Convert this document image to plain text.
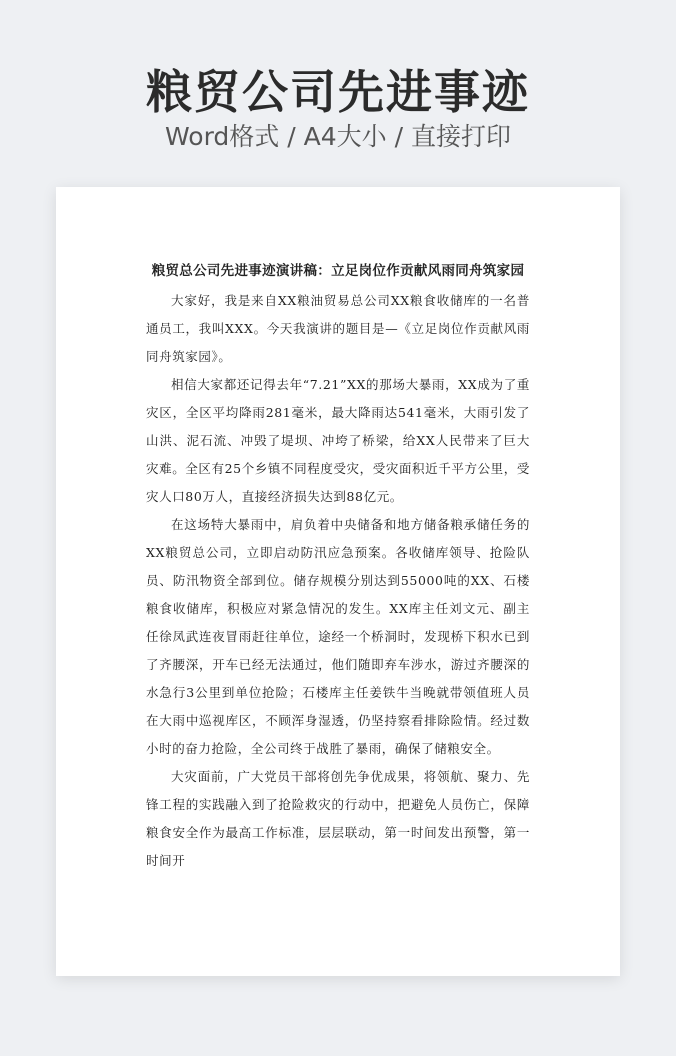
粮贸公司先进事迹
Word格式 / A4大小 / 直接打印
粮贸总公司先进事迹演讲稿：立足岗位作贡献风雨同舟筑家园

大家好，我是来自XX粮油贸易总公司XX粮食收储库的一名普通员工，我叫XXX。今天我演讲的题目是—《立足岗位作贡献风雨同舟筑家园》。

相信大家都还记得去年“7.21”XX的那场大暴雨，XX成为了重灾区，全区平均降雨281毫米，最大降雨达541毫米，大雨引发了山洪、泥石流、冲毁了堤坝、冲垮了桥梁，给XX人民带来了巨大灾难。全区有25个乡镇不同程度受灾，受灾面积近千平方公里，受灾人口80万人，直接经济损失达到88亿元。

在这场特大暴雨中，肩负着中央储备和地方储备粮承储任务的XX粮贸总公司，立即启动防汛应急预案。各收储库领导、抢险队员、防汛物资全部到位。储存规模分别达到55000吨的XX、石楼粮食收储库，积极应对紧急情况的发生。XX库主任刘文元、副主任徐凤武连夜冒雨赶往单位，途经一个桥洞时，发现桥下积水已到了齐腰深，开车已经无法通过，他们随即弃车涉水，游过齐腰深的水急行3公里到单位抢险；石楼库主任姜铁牛当晚就带领值班人员在大雨中巡视库区，不顾浑身湿透，仍坚持察看排除险情。经过数小时的奋力抢险，全公司终于战胜了暴雨，确保了储粮安全。

大灾面前，广大党员干部将创先争优成果，将领航、聚力、先锋工程的实践融入到了抢险救灾的行动中，把避免人员伤亡，保障粮食安全作为最高工作标准，层层联动，第一时间发出预警，第一时间开
